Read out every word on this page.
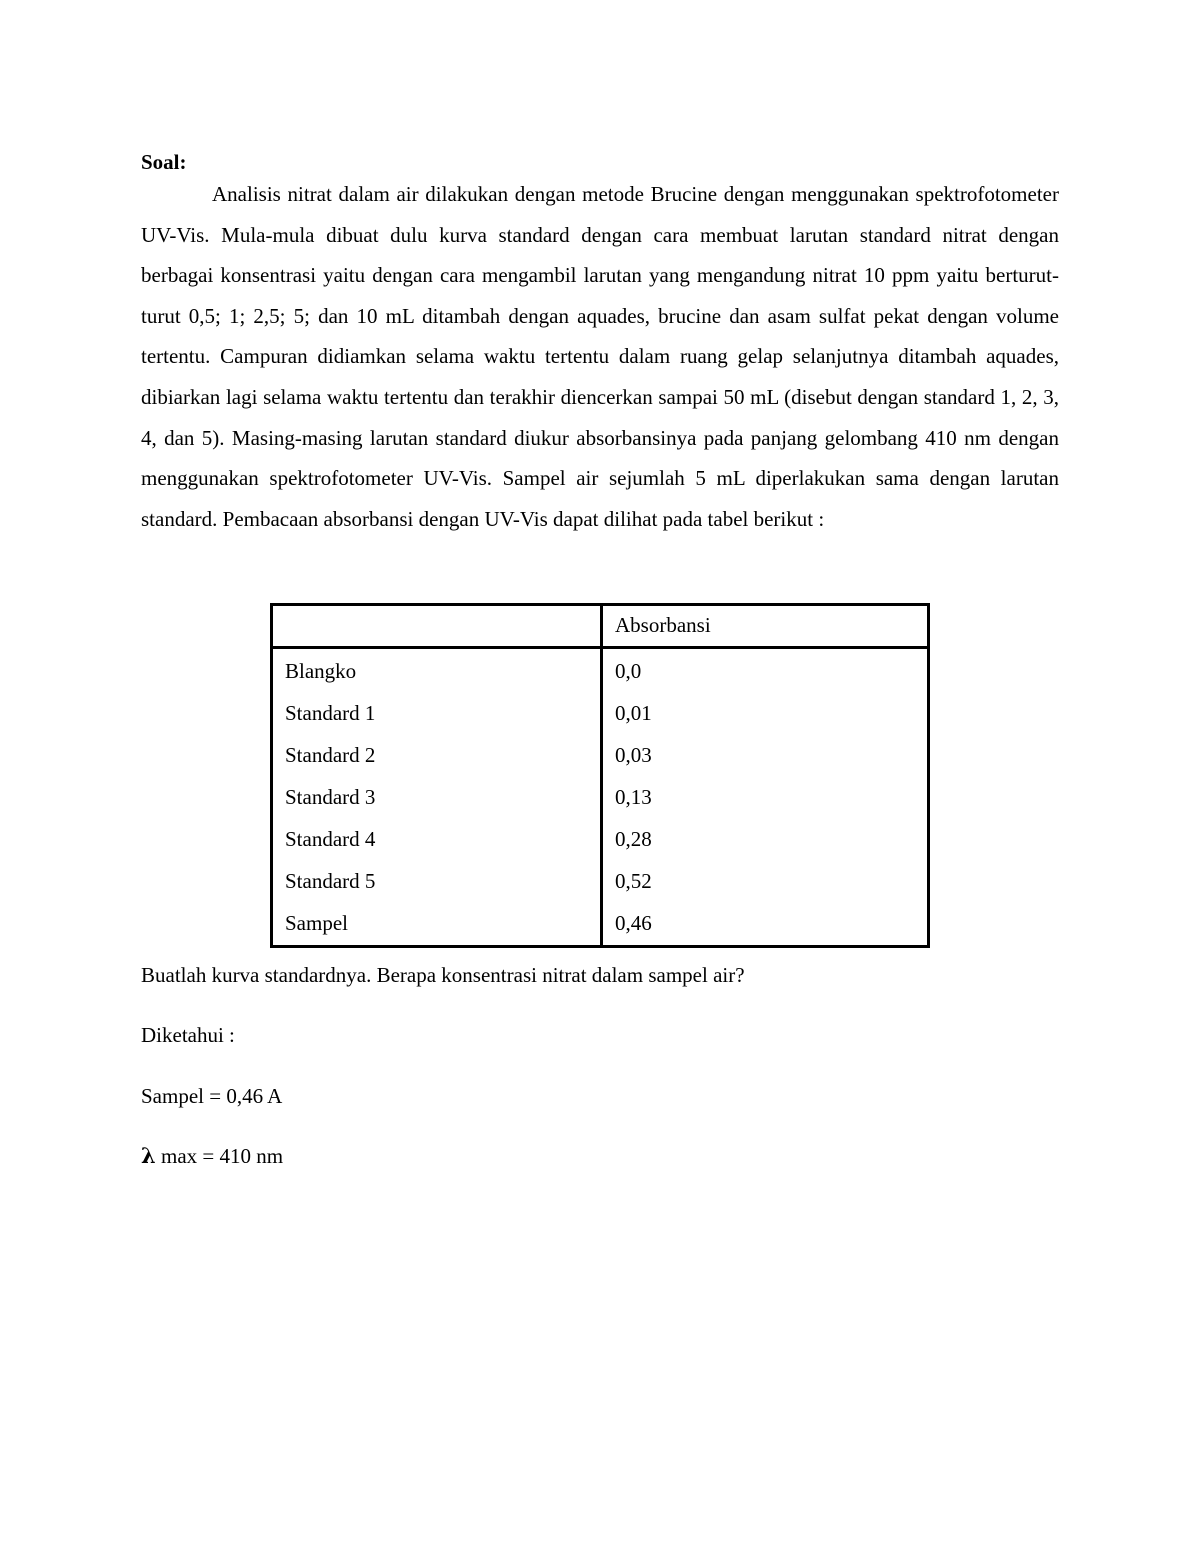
Soal:

Analisis nitrat dalam air dilakukan dengan metode Brucine dengan menggunakan spektrofotometer UV-Vis. Mula-mula dibuat dulu kurva standard dengan cara membuat larutan standard nitrat dengan berbagai konsentrasi yaitu dengan cara mengambil larutan yang mengandung nitrat 10 ppm yaitu berturut-turut 0,5; 1; 2,5; 5; dan 10 mL ditambah dengan aquades, brucine dan asam sulfat pekat dengan volume tertentu. Campuran didiamkan selama waktu tertentu dalam ruang gelap selanjutnya ditambah aquades, dibiarkan lagi selama waktu tertentu dan terakhir diencerkan sampai 50 mL (disebut dengan standard 1, 2, 3, 4, dan 5). Masing-masing larutan standard diukur absorbansinya pada panjang gelombang 410 nm dengan menggunakan spektrofotometer UV-Vis. Sampel air sejumlah 5 mL diperlakukan sama dengan larutan standard. Pembacaan absorbansi dengan UV-Vis dapat dilihat pada tabel berikut :

	Absorbansi
Blangko	0,0
Standard 1	0,01
Standard 2	0,03
Standard 3	0,13
Standard 4	0,28
Standard 5	0,52
Sampel	0,46
Buatlah kurva standardnya. Berapa konsentrasi nitrat dalam sampel air?
Diketahui :
Sampel = 0,46 A
λ max = 410 nm
